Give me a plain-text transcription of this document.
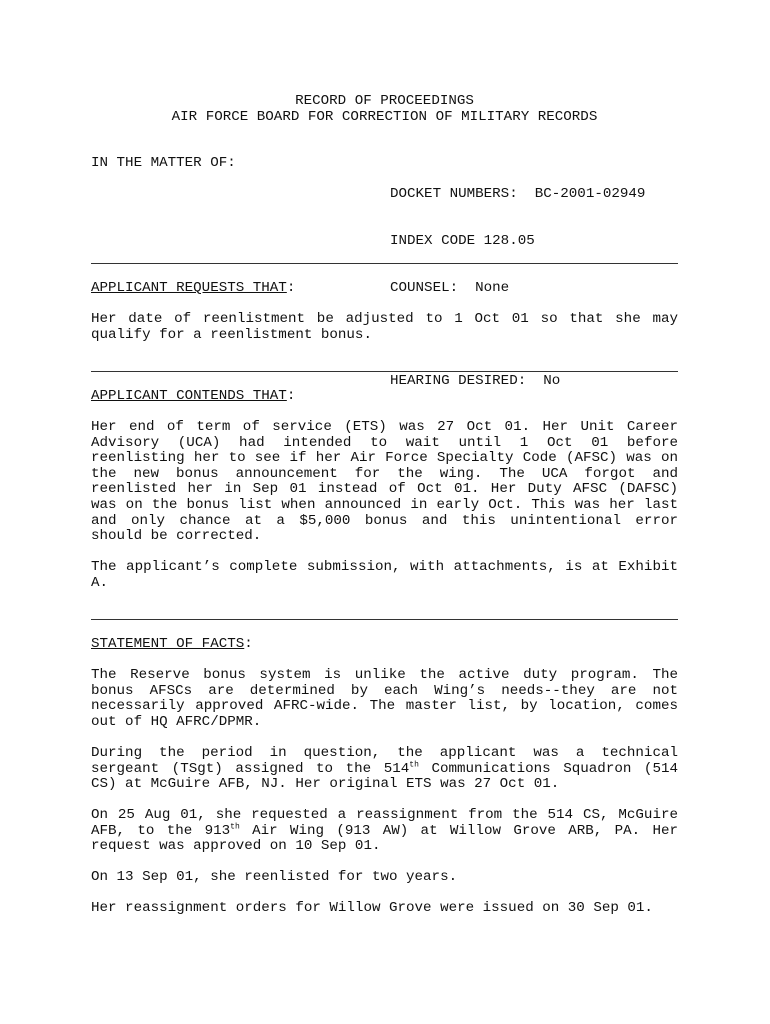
RECORD OF PROCEEDINGS
AIR FORCE BOARD FOR CORRECTION OF MILITARY RECORDS
IN THE MATTER OF:

DOCKET NUMBERS:  BC-2001-02949

INDEX CODE 128.05

COUNSEL:  None

HEARING DESIRED:  No

APPLICANT REQUESTS THAT:
Her date of reenlistment be adjusted to 1 Oct 01 so that she may qualify for a reenlistment bonus.
APPLICANT CONTENDS THAT:
Her end of term of service (ETS) was 27 Oct 01. Her Unit Career Advisory (UCA) had intended to wait until 1 Oct 01 before reenlisting her to see if her Air Force Specialty Code (AFSC) was on the new bonus announcement for the wing. The UCA forgot and reenlisted her in Sep 01 instead of Oct 01. Her Duty AFSC (DAFSC) was on the bonus list when announced in early Oct. This was her last and only chance at a $5,000 bonus and this unintentional error should be corrected.
The applicant’s complete submission, with attachments, is at Exhibit A.
STATEMENT OF FACTS:
The Reserve bonus system is unlike the active duty program. The bonus AFSCs are determined by each Wing’s needs--they are not necessarily approved AFRC-wide. The master list, by location, comes out of HQ AFRC/DPMR.
During the period in question, the applicant was a technical sergeant (TSgt) assigned to the 514th Communications Squadron (514 CS) at McGuire AFB, NJ. Her original ETS was 27 Oct 01.
On 25 Aug 01, she requested a reassignment from the 514 CS, McGuire AFB, to the 913th Air Wing (913 AW) at Willow Grove ARB, PA. Her request was approved on 10 Sep 01.
On 13 Sep 01, she reenlisted for two years.
Her reassignment orders for Willow Grove were issued on 30 Sep 01.
